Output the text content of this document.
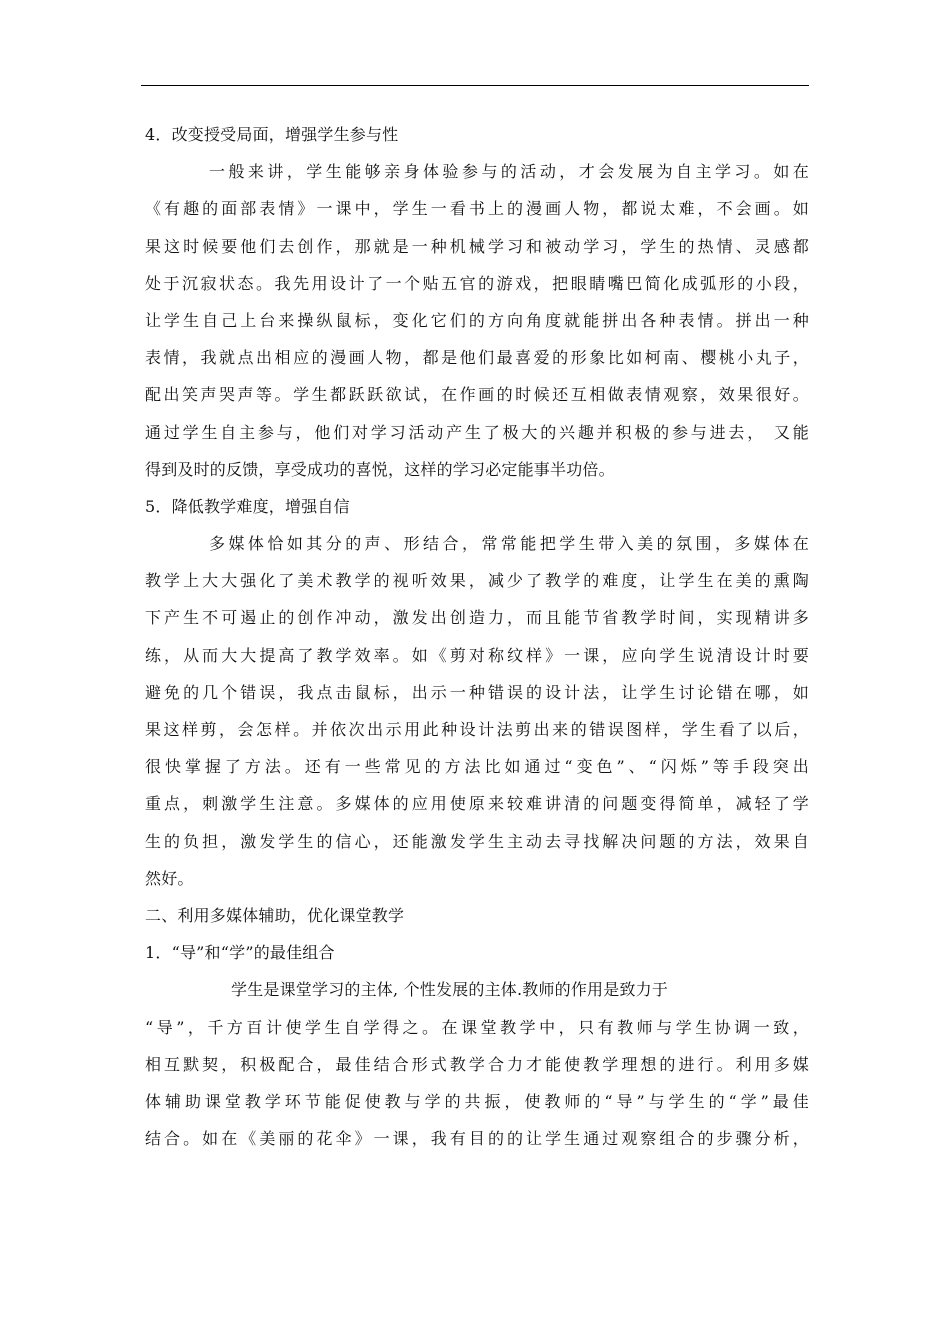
4．改变授受局面，增强学生参与性
一般来讲，学生能够亲身体验参与的活动，才会发展为自主学习。如在
《有趣的面部表情》一课中，学生一看书上的漫画人物，都说太难，不会画。如
果这时候要他们去创作，那就是一种机械学习和被动学习，学生的热情、灵感都
处于沉寂状态。我先用设计了一个贴五官的游戏，把眼睛嘴巴简化成弧形的小段，
让学生自己上台来操纵鼠标，变化它们的方向角度就能拼出各种表情。拼出一种
表情，我就点出相应的漫画人物，都是他们最喜爱的形象比如柯南、樱桃小丸子，
配出笑声哭声等。学生都跃跃欲试，在作画的时候还互相做表情观察，效果很好。
通过学生自主参与，他们对学习活动产生了极大的兴趣并积极的参与进去， 又能
得到及时的反馈，享受成功的喜悦，这样的学习必定能事半功倍。
5．降低教学难度，增强自信
多媒体恰如其分的声、形结合，常常能把学生带入美的氛围，多媒体在
教学上大大强化了美术教学的视听效果，减少了教学的难度，让学生在美的熏陶
下产生不可遏止的创作冲动，激发出创造力，而且能节省教学时间，实现精讲多
练，从而大大提高了教学效率。如《剪对称纹样》一课，应向学生说清设计时要
避免的几个错误，我点击鼠标，出示一种错误的设计法，让学生讨论错在哪，如
果这样剪，会怎样。并依次出示用此种设计法剪出来的错误图样，学生看了以后，
很快掌握了方法。还有一些常见的方法比如通过“变色”、“闪烁”等手段突出
重点，刺激学生注意。多媒体的应用使原来较难讲清的问题变得简单，减轻了学
生的负担，激发学生的信心，还能激发学生主动去寻找解决问题的方法，效果自
然好。
二、利用多媒体辅助，优化课堂教学
1．“导”和“学”的最佳组合
学生是课堂学习的主体, 个性发展的主体.教师的作用是致力于
“导”，千方百计使学生自学得之。在课堂教学中，只有教师与学生协调一致，
相互默契，积极配合，最佳结合形式教学合力才能使教学理想的进行。利用多媒
体辅助课堂教学环节能促使教与学的共振，使教师的“导”与学生的“学”最佳
结合。如在《美丽的花伞》一课，我有目的的让学生通过观察组合的步骤分析，
